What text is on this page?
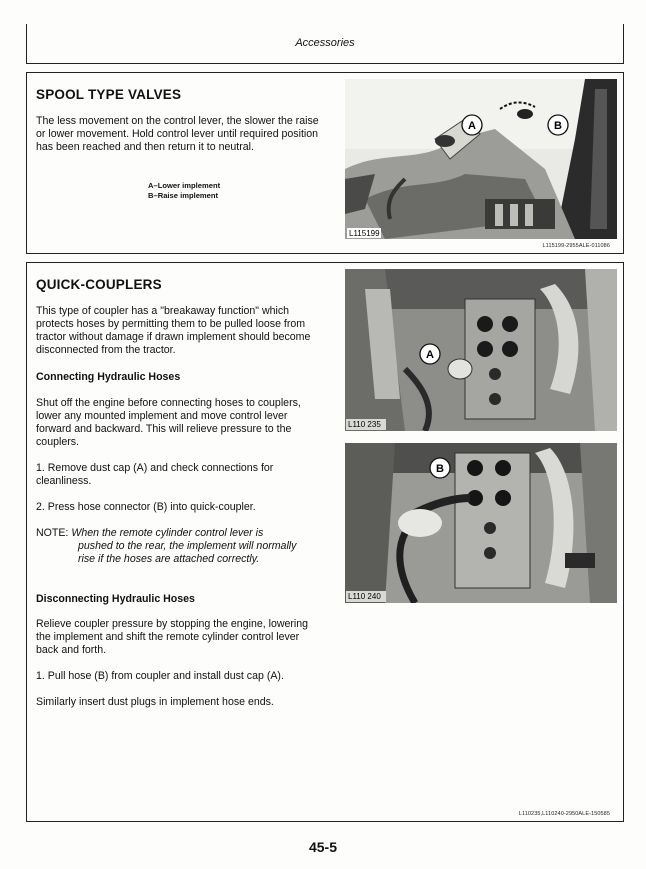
Accessories
SPOOL TYPE VALVES

The less movement on the control lever, the slower the raise or lower movement. Hold control lever until required position has been reached and then return it to neutral.

A–Lower implement
B–Raise implement
A	B
L115199
L115199-2955ALE-011086
QUICK-COUPLERS

This type of coupler has a "breakaway function" which protects hoses by permitting them to be pulled loose from tractor without damage if drawn implement should become disconnected from the tractor.

Connecting Hydraulic Hoses

Shut off the engine before connecting hoses to couplers, lower any mounted implement and move control lever forward and backward. This will relieve pressure to the couplers.

1. Remove dust cap (A) and check connections for cleanliness.

2. Press hose connector (B) into quick-coupler.

NOTE: When the remote cylinder control lever is
pushed to the rear, the implement will normally rise if the hoses are attached correctly.
Disconnecting Hydraulic Hoses

Relieve coupler pressure by stopping the engine, lowering the implement and shift the remote cylinder control lever back and forth.

1. Pull hose (B) from coupler and install dust cap (A).

Similarly insert dust plugs in implement hose ends.

A
L110 235
B
L110 240
L110235,L110240-2950ALE-150585
45-5
